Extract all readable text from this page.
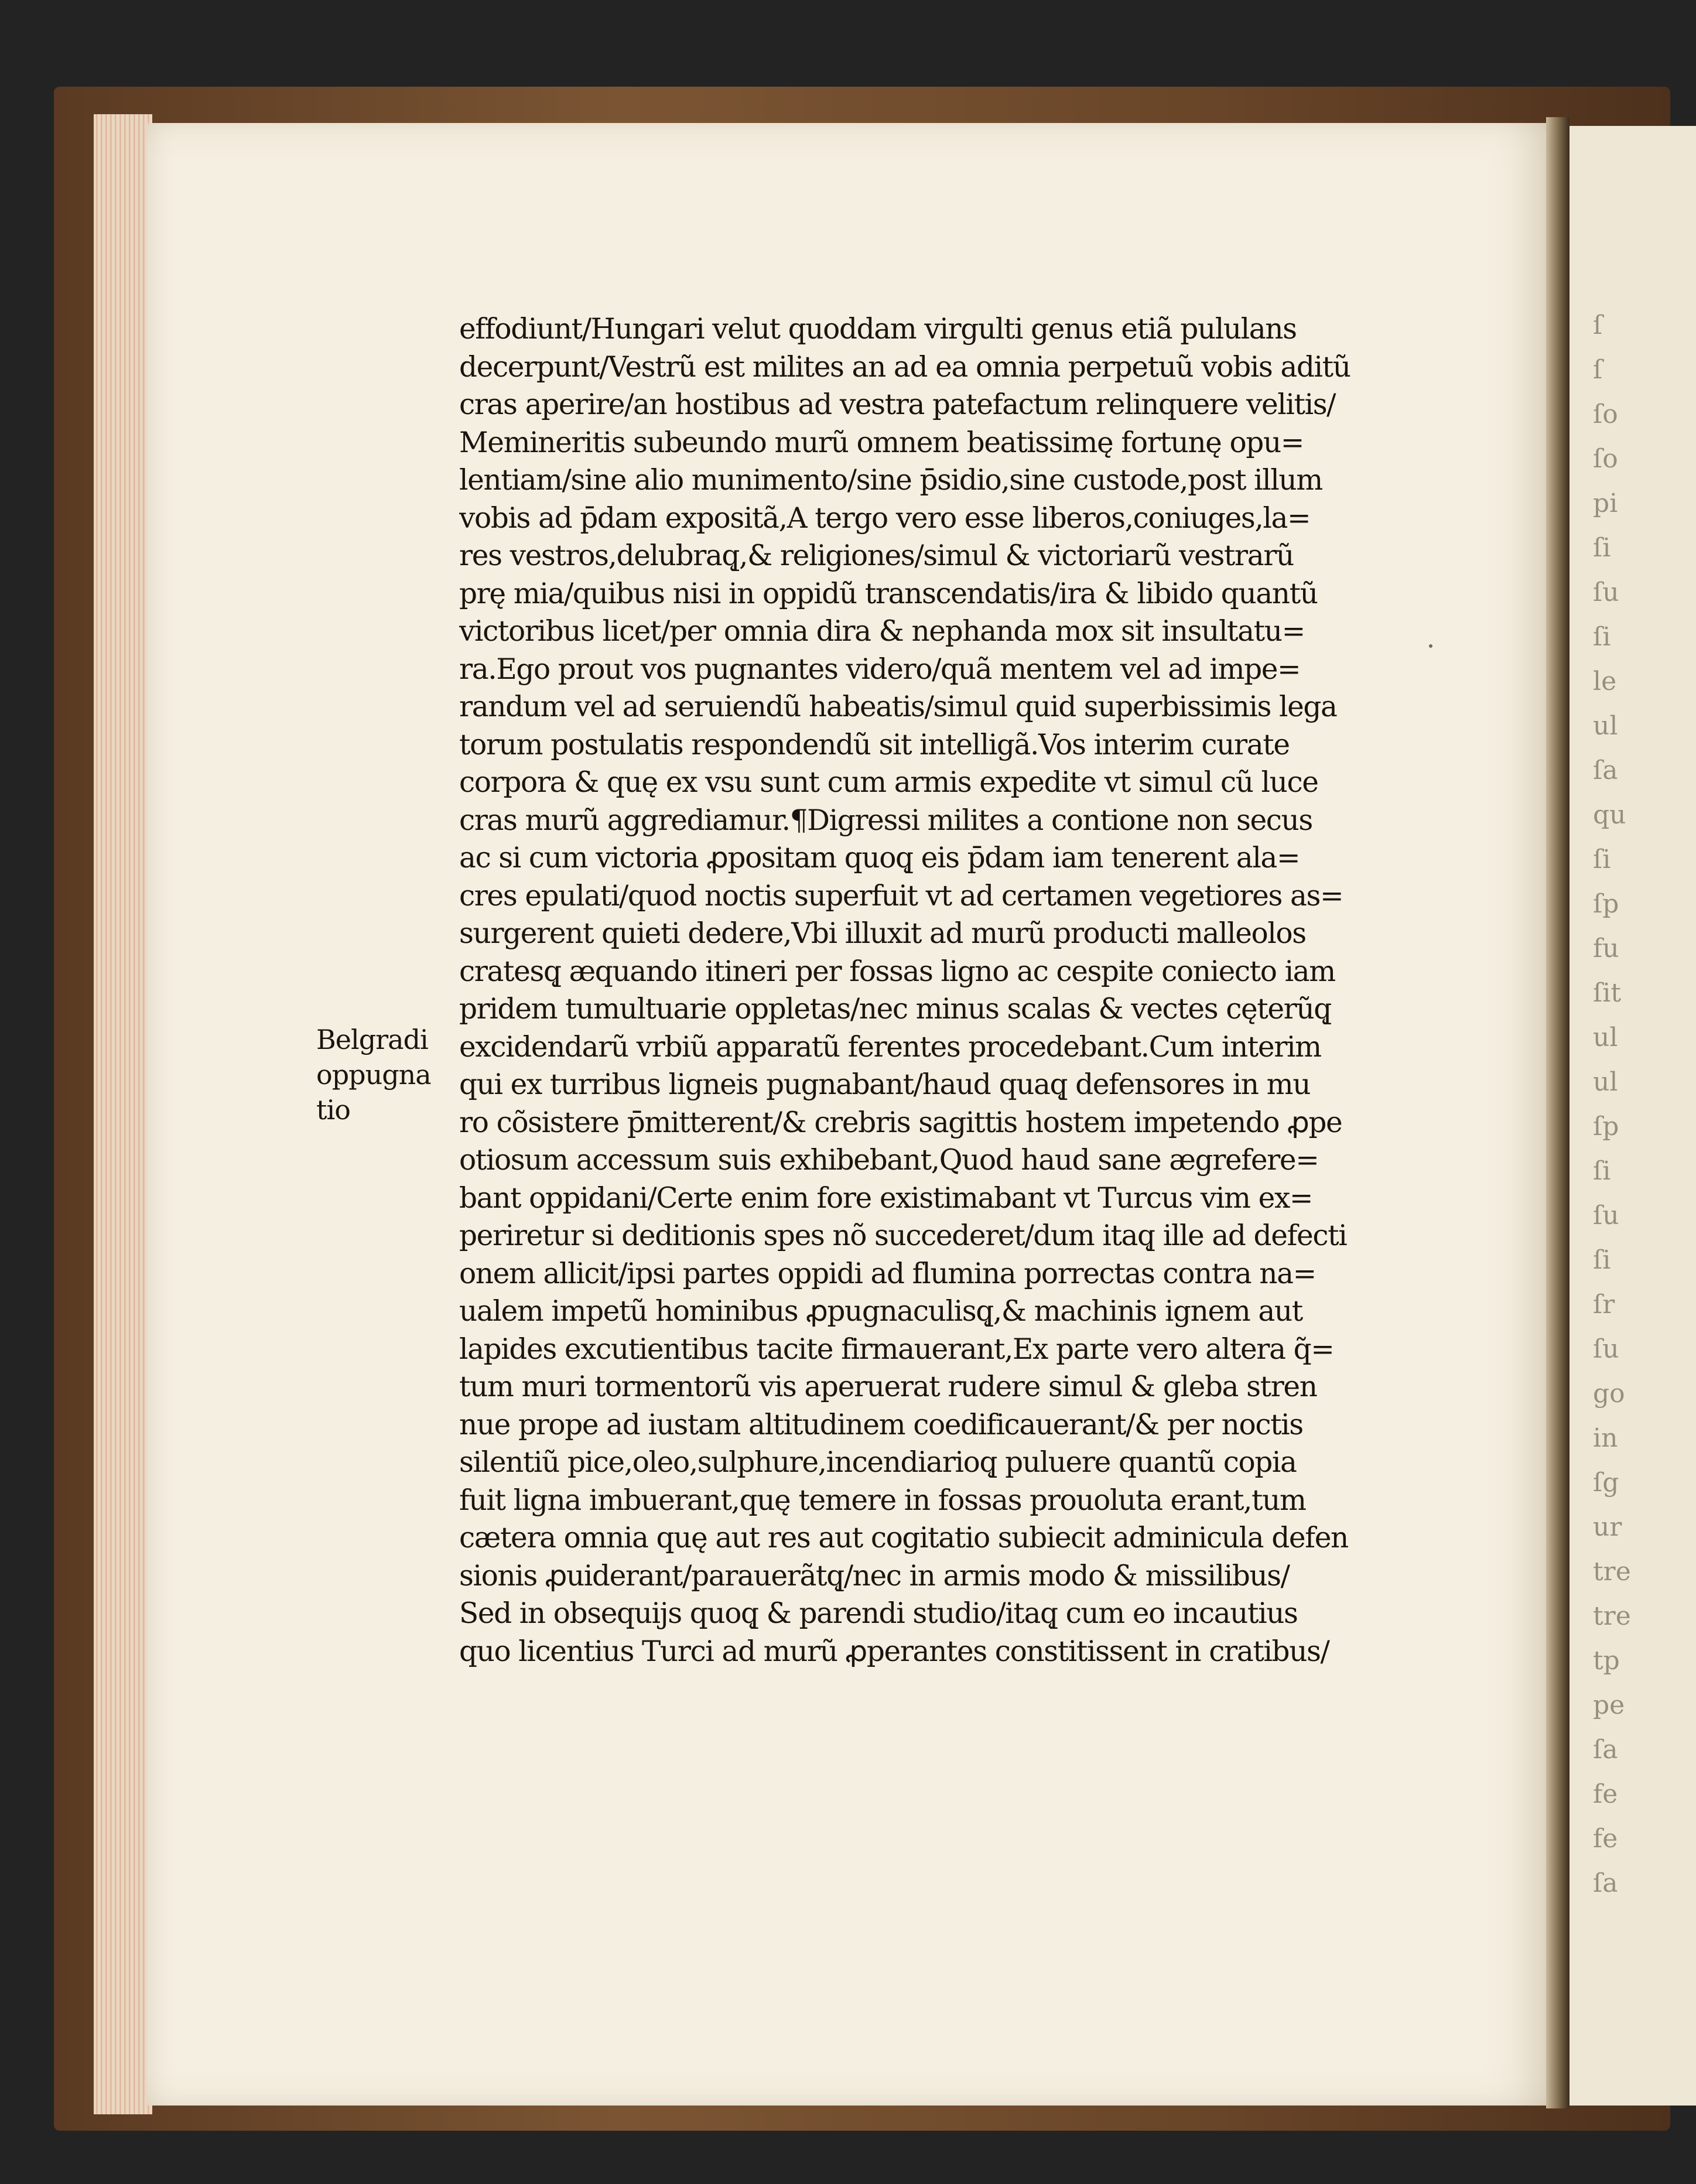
ſ
ſ
ſo
ſo
pi
ſi
ſu
ſi
le
ul
ſa
qu
ſi
ſp
fu
ſit
ul
ul
ſp
ſi
ſu
ſi
ſr
ſu
go
in
ſg
ur
tre
tre
tp
pe
ſa
fe
fe
ſa
Belgradi
oppugna
tio
effodiunt/Hungari velut quoddam virgulti genus etiã pululans
decerpunt/Vestrũ est milites an ad ea omnia perpetuũ vobis aditũ
cras aperire/an hostibus ad vestra patefactum relinquere velitis/
Memineritis subeundo murũ omnem beatissimę fortunę opu=
lentiam/sine alio munimento/sine p̄sidio,sine custode,post illum
vobis ad p̄dam expositã,A tergo vero esse liberos,coniuges,la=
res vestros,delubraq̨,& religiones/simul & victoriarũ vestrarũ
prę mia/quibus nisi in oppidũ transcendatis/ira & libido quantũ
victoribus licet/per omnia dira & nephanda mox sit insultatu=
ra.Ego prout vos pugnantes videro/quã mentem vel ad impe=
randum vel ad seruiendũ habeatis/simul quid superbissimis lega
torum postulatis respondendũ sit intelligã.Vos interim curate
corpora & quę ex vsu sunt cum armis expedite vt simul cũ luce
cras murũ aggrediamur.¶Digressi milites a contione non secus
ac si cum victoria ꝓpositam quoq̨ eis p̄dam iam tenerent ala=
cres epulati/quod noctis superfuit vt ad certamen vegetiores as=
surgerent quieti dedere,Vbi illuxit ad murũ producti malleolos
cratesq̨ æquando itineri per fossas ligno ac cespite coniecto iam
pridem tumultuarie oppletas/nec minus scalas & vectes cęterũq̨
excidendarũ vrbiũ apparatũ ferentes procedebant.Cum interim
qui ex turribus ligneis pugnabant/haud quaq̨ defensores in mu
ro cõsistere p̄mitterent/& crebris sagittis hostem impetendo ꝓpe
otiosum accessum suis exhibebant,Quod haud sane ægrefere=
bant oppidani/Certe enim fore existimabant vt Turcus vim ex=
periretur si deditionis spes nõ succederet/dum itaq̨ ille ad defecti
onem allicit/ipsi partes oppidi ad flumina porrectas contra na=
ualem impetũ hominibus ꝓpugnaculisq̨,& machinis ignem aut
lapides excutientibus tacite firmauerant,Ex parte vero altera q̃=
tum muri tormentorũ vis aperuerat rudere simul & gleba stren
nue prope ad iustam altitudinem coedificauerant/& per noctis
silentiũ pice,oleo,sulphure,incendiarioq̨ puluere quantũ copia
fuit ligna imbuerant,quę temere in fossas prouoluta erant,tum
cætera omnia quę aut res aut cogitatio subiecit adminicula defen
sionis ꝓuiderant/parauerãtq̨/nec in armis modo & missilibus/
Sed in obsequijs quoq̨ & parendi studio/itaq̨ cum eo incautius
quo licentius Turci ad murũ ꝓperantes constitissent in cratibus/
